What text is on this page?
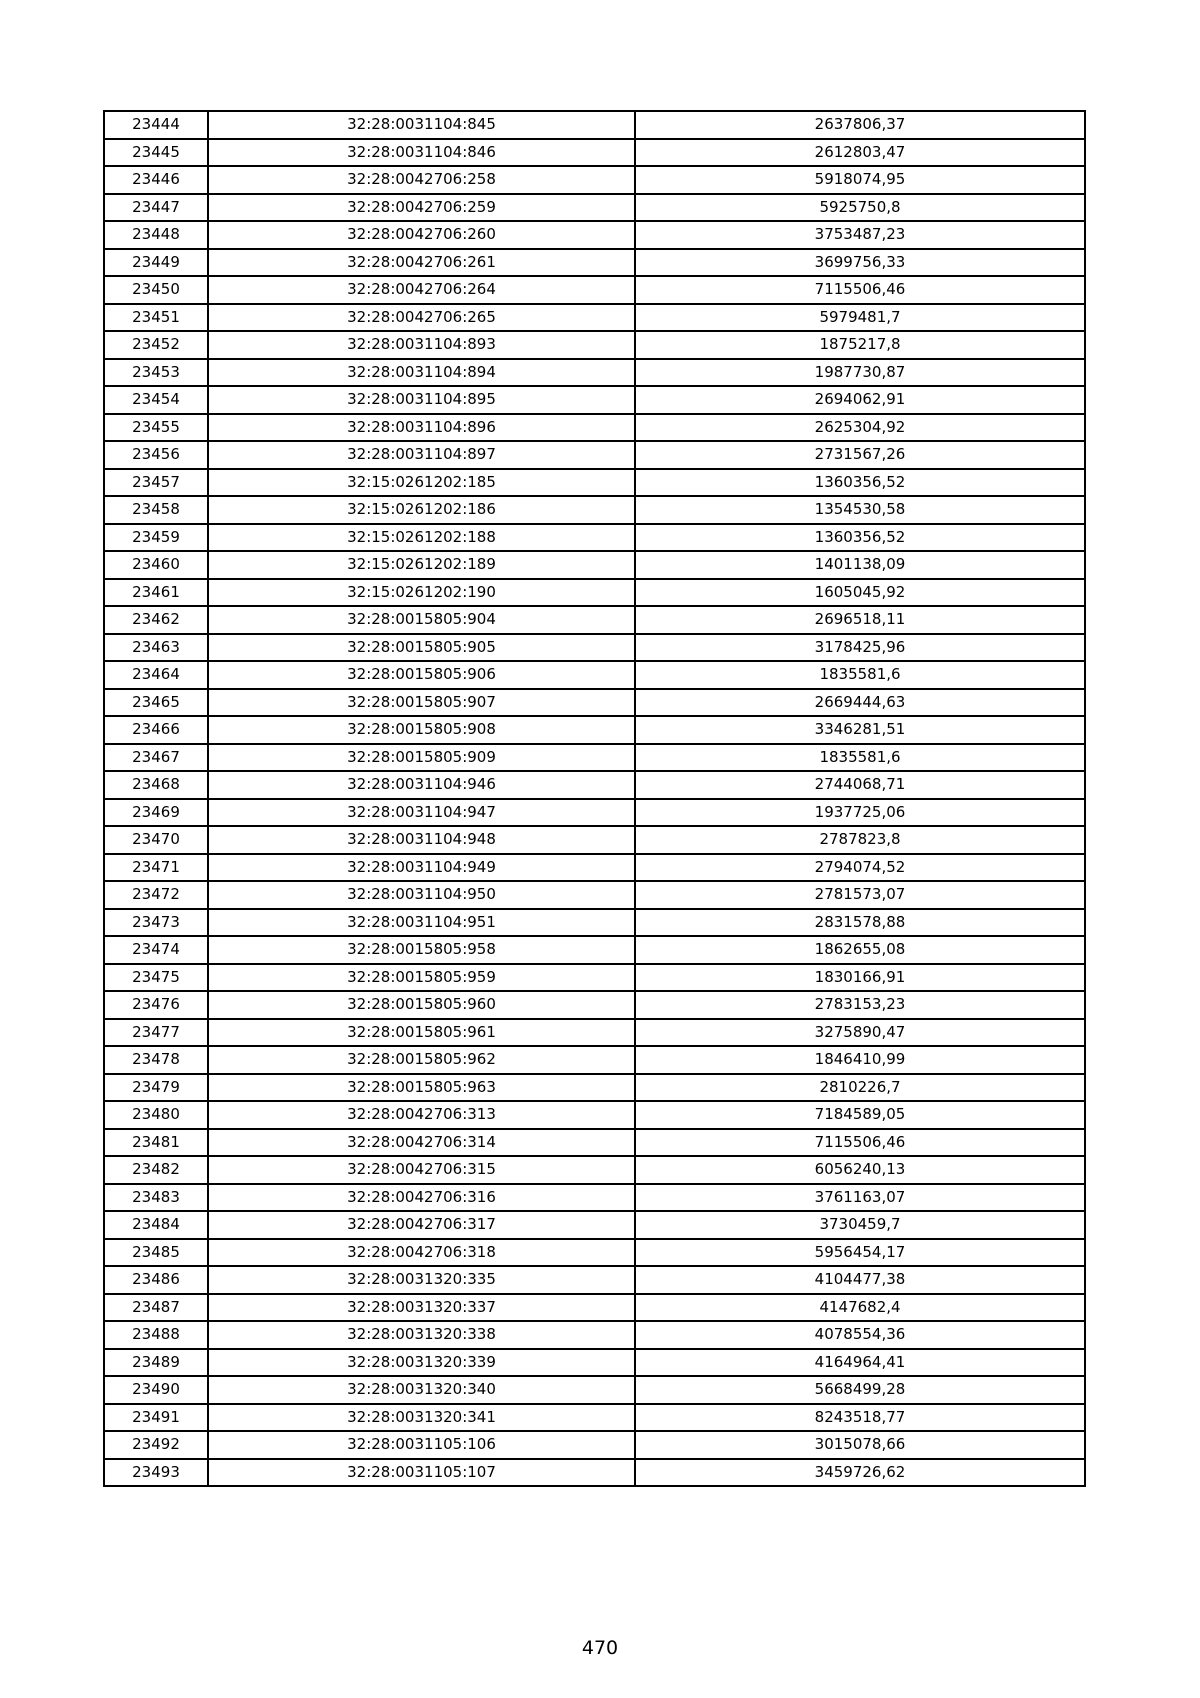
23444	32:28:0031104:845	2637806,37
23445	32:28:0031104:846	2612803,47
23446	32:28:0042706:258	5918074,95
23447	32:28:0042706:259	5925750,8
23448	32:28:0042706:260	3753487,23
23449	32:28:0042706:261	3699756,33
23450	32:28:0042706:264	7115506,46
23451	32:28:0042706:265	5979481,7
23452	32:28:0031104:893	1875217,8
23453	32:28:0031104:894	1987730,87
23454	32:28:0031104:895	2694062,91
23455	32:28:0031104:896	2625304,92
23456	32:28:0031104:897	2731567,26
23457	32:15:0261202:185	1360356,52
23458	32:15:0261202:186	1354530,58
23459	32:15:0261202:188	1360356,52
23460	32:15:0261202:189	1401138,09
23461	32:15:0261202:190	1605045,92
23462	32:28:0015805:904	2696518,11
23463	32:28:0015805:905	3178425,96
23464	32:28:0015805:906	1835581,6
23465	32:28:0015805:907	2669444,63
23466	32:28:0015805:908	3346281,51
23467	32:28:0015805:909	1835581,6
23468	32:28:0031104:946	2744068,71
23469	32:28:0031104:947	1937725,06
23470	32:28:0031104:948	2787823,8
23471	32:28:0031104:949	2794074,52
23472	32:28:0031104:950	2781573,07
23473	32:28:0031104:951	2831578,88
23474	32:28:0015805:958	1862655,08
23475	32:28:0015805:959	1830166,91
23476	32:28:0015805:960	2783153,23
23477	32:28:0015805:961	3275890,47
23478	32:28:0015805:962	1846410,99
23479	32:28:0015805:963	2810226,7
23480	32:28:0042706:313	7184589,05
23481	32:28:0042706:314	7115506,46
23482	32:28:0042706:315	6056240,13
23483	32:28:0042706:316	3761163,07
23484	32:28:0042706:317	3730459,7
23485	32:28:0042706:318	5956454,17
23486	32:28:0031320:335	4104477,38
23487	32:28:0031320:337	4147682,4
23488	32:28:0031320:338	4078554,36
23489	32:28:0031320:339	4164964,41
23490	32:28:0031320:340	5668499,28
23491	32:28:0031320:341	8243518,77
23492	32:28:0031105:106	3015078,66
23493	32:28:0031105:107	3459726,62
470
